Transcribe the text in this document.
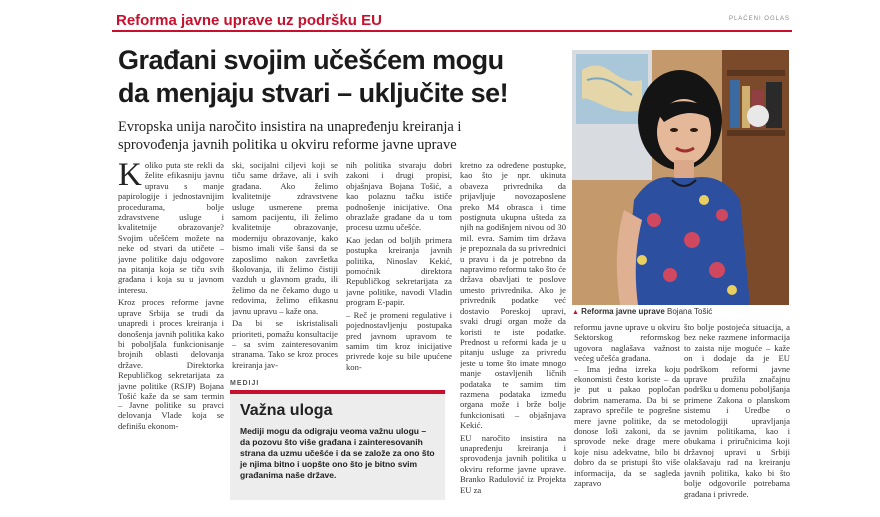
Reforma javne uprave uz podršku EU	PLAĆENI OGLAS
Građani svojim učešćem mogu
da menjaju stvari – uključite se!
Evropska unija naročito insistira na unapređenju kreiranja i
sprovođenja javnih politika u okviru reforme javne uprave
▲ Reforma javne uprave Bojana Tošić
K oliko puta ste rekli da želite efikasniju javnu upravu s manje papirologije i jednostavnijim procedurama, bolje zdravstvene usluge i kvalitetnije obrazovanje? Svojim učešćem možete na neke od stvari da utičete – javne politike daju odgovore na pitanja koja se tiču svih građana i koja su u javnom interesu.

Kroz proces reforme javne uprave Srbija se trudi da unapredi i proces kreiranja i donošenja javnih politika kako bi poboljšala funkcionisanje brojnih oblasti delovanja države. Direktorka Republičkog sekretarijata za javne politike (RSJP) Bojana Tošić kaže da se sam termin

ski, socijalni ciljevi koji se tiču same države, ali i svih građana. Ako želimo kvalitetnije zdravstvene usluge usmerene prema samom pacijentu, ili želimo kvalitetnije obrazovanje, moderniju obrazovanje, kako bismo imali više šansi da se zaposlimo nakon završetka školovanja, ili želimo čistiji vazduh u glavnom gradu, ili želimo da ne čekamo dugo u redovima, želimo efikasnu javnu upravu – kaže ona.

Da bi se iskristalisali prioriteti, pomažu konsultacije – sa svim zainteresovanim stranama. Tako se kroz proces kreiranja jav-

nih politika stvaraju dobri zakoni i drugi propisi, objašnjava Bojana Tošić, a kao polaznu tačku ističe podnošenje inicijative. Ona obrazlaže građane da u tom procesu uzmu učešće.

Kao jedan od boljih primera postupka kreiranja javnih politika, Ninoslav Kekić, pomoćnik direktora Republičkog sekretarijata za javne politike, navodi Vladin program E-papir.

– Reč je promeni regulative i pojednostavljenju postupaka pred javnom upravom te samim tim kroz inicijative privrede koje su bile upućene kon-

kretno za određene postupke, kao što je npr. ukinuta obaveza privrednika da prijavljuje novozaposlene preko M4 obrasca i time postignuta ukupna ušteda za njih na godišnjem nivou od 30 mil. evra. Samim tim država je prepoznala da su privrednici u pravu i da je potrebno da napravimo reformu tako što će država obavljati te poslove umesto privrednika. Ako je privrednik podatke već dostavio Poreskoj upravi, svaki drugi organ može da koristi te iste podatke. Prednost u reformi kada je u pitanju usluge za privredu jeste u tome što imate mnogo manje ostavljenih ličnih podataka te samim tim razmena podataka između organa može i brže bolje funkcionisati – objašnjava Kekić.

EU naročito insistira na unapređenju kreiranja i sprovođenja javnih politika u okviru reforme javne uprave. Branko Radulović iz Projekta EU za

– Javne politike su pravci delovanja Vlade koja se definišu ekonom-

reformu javne uprave u okviru Sektorskog reformskog ugovora naglašava važnost većeg učešća građana.

– Ima jedna izreka koju ekonomisti često koriste – da je put u pakao popločan dobrim namerama. Da bi se zapravo sprečile te pogrešne mere javne politike, da se donose loši zakoni, da se sprovode neke drage mere koje nisu adekvatne, bilo bi dobro da se pristupi što više informacija, da se sagleda zapravo

što bolje postojeća situacija, a bez neke razmene informacija to zaista nije moguće – kaže on i dodaje da je EU podrškom reformi javne uprave pružila značajnu podršku u domenu poboljšanja primene Zakona o planskom sistemu i Uredbe o metodologiji upravljanja javnim politikama, kao i obukama i priručnicima koji državnoj upravi u Srbiji olakšavaju rad na kreiranju javnih politika, kako bi što bolje odgovorile potrebama građana i privrede.

MEDIJI
Važna uloga
Mediji mogu da odigraju veoma važnu ulogu – da pozovu što više građana i zainteresovanih strana da uzmu učešće i da se založe za ono što je njima bitno i uopšte ono što je bitno svim građanima naše države.
